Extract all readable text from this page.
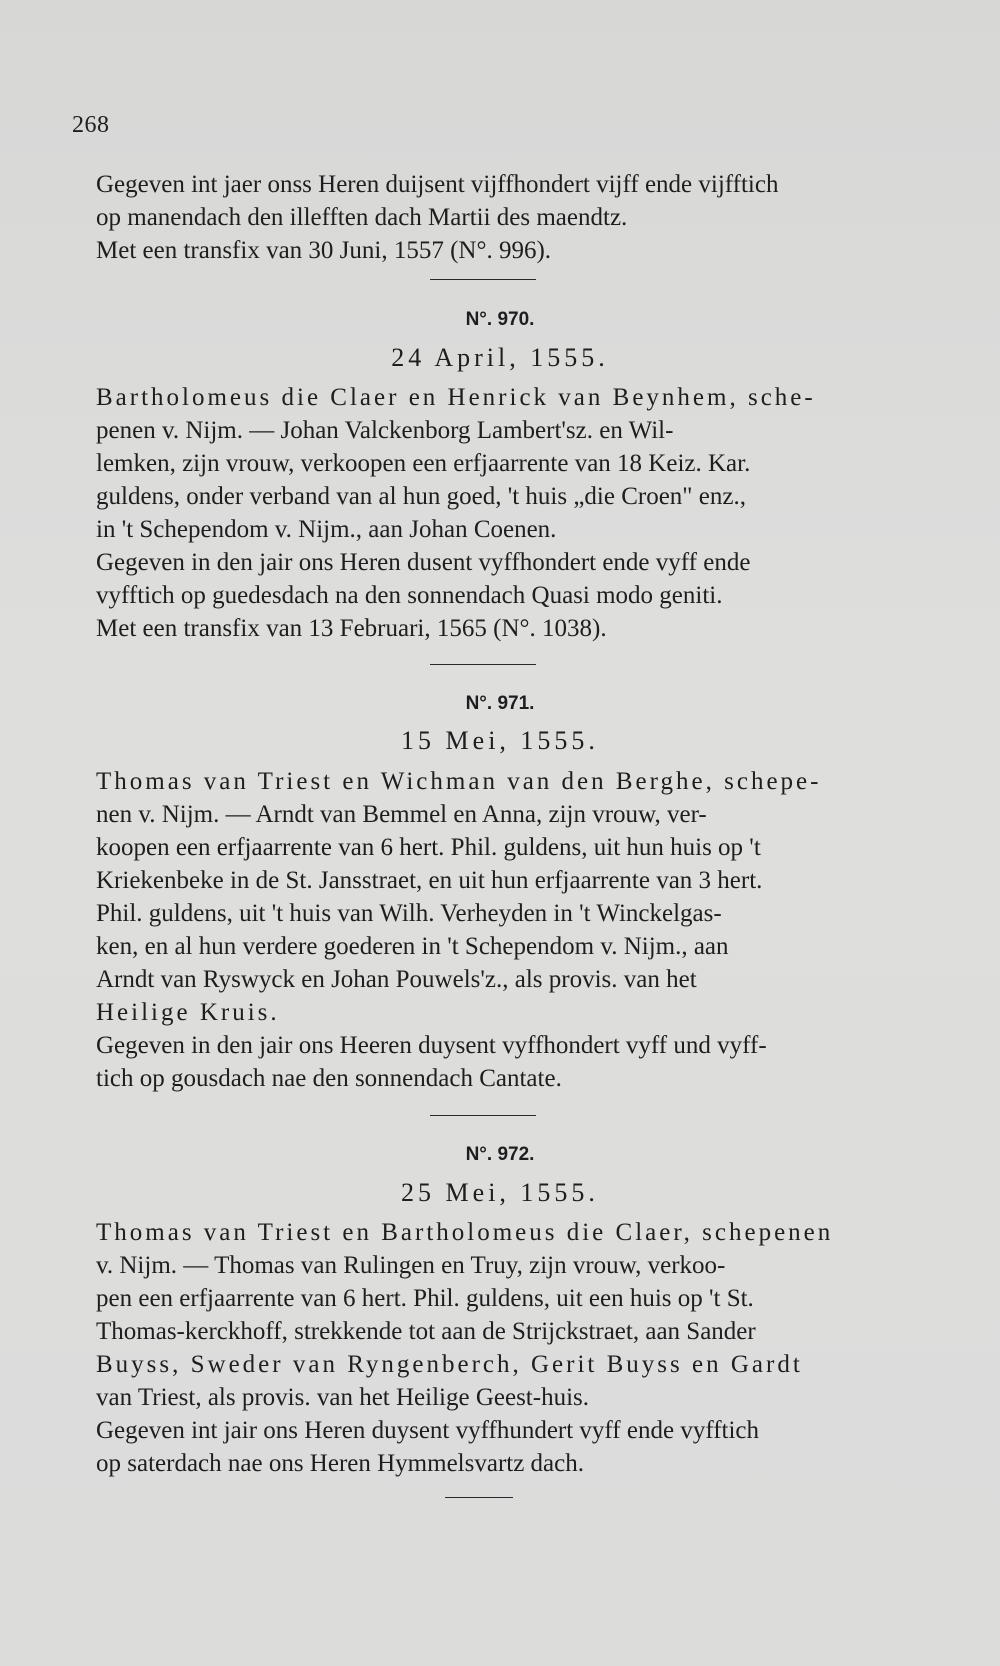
268
Gegeven int jaer onss Heren duijsent vijffhondert vijff ende vijfftich
op manendach den illefften dach Martii des maendtz.
Met een transfix van 30 Juni, 1557 (N°. 996).
N°. 970.
24 April, 1555.
Bartholomeus die Claer en Henrick van Beynhem, sche-
penen v. Nijm. — Johan Valckenborg Lambert'sz. en Wil-
lemken, zijn vrouw, verkoopen een erfjaarrente van 18 Keiz. Kar.
guldens, onder verband van al hun goed, 't huis „die Croen" enz.,
in 't Schependom v. Nijm., aan Johan Coenen.
Gegeven in den jair ons Heren dusent vyffhondert ende vyff ende
vyfftich op guedesdach na den sonnendach Quasi modo geniti.
Met een transfix van 13 Februari, 1565 (N°. 1038).
N°. 971.
15 Mei, 1555.
Thomas van Triest en Wichman van den Berghe, schepe-
nen v. Nijm. — Arndt van Bemmel en Anna, zijn vrouw, ver-
koopen een erfjaarrente van 6 hert. Phil. guldens, uit hun huis op 't
Kriekenbeke in de St. Jansstraet, en uit hun erfjaarrente van 3 hert.
Phil. guldens, uit 't huis van Wilh. Verheyden in 't Winckelgas-
ken, en al hun verdere goederen in 't Schependom v. Nijm., aan
Arndt van Ryswyck en Johan Pouwels'z., als provis. van het
Heilige Kruis.
Gegeven in den jair ons Heeren duysent vyffhondert vyff und vyff-
tich op gousdach nae den sonnendach Cantate.
N°. 972.
25 Mei, 1555.
Thomas van Triest en Bartholomeus die Claer, schepenen
v. Nijm. — Thomas van Rulingen en Truy, zijn vrouw, verkoo-
pen een erfjaarrente van 6 hert. Phil. guldens, uit een huis op 't St.
Thomas-kerckhoff, strekkende tot aan de Strijckstraet, aan Sander
Buyss, Sweder van Ryngenberch, Gerit Buyss en Gardt
van Triest, als provis. van het Heilige Geest-huis.
Gegeven int jair ons Heren duysent vyffhundert vyff ende vyfftich
op saterdach nae ons Heren Hymmelsvartz dach.
